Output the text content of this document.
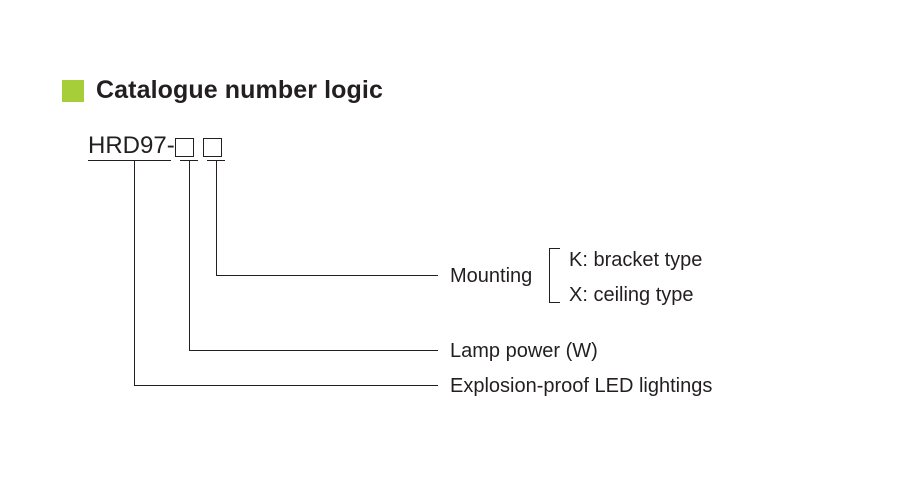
Catalogue number logic
HRD97-
Mounting
Lamp power (W)
Explosion-proof LED lightings
K: bracket type
X: ceiling type
